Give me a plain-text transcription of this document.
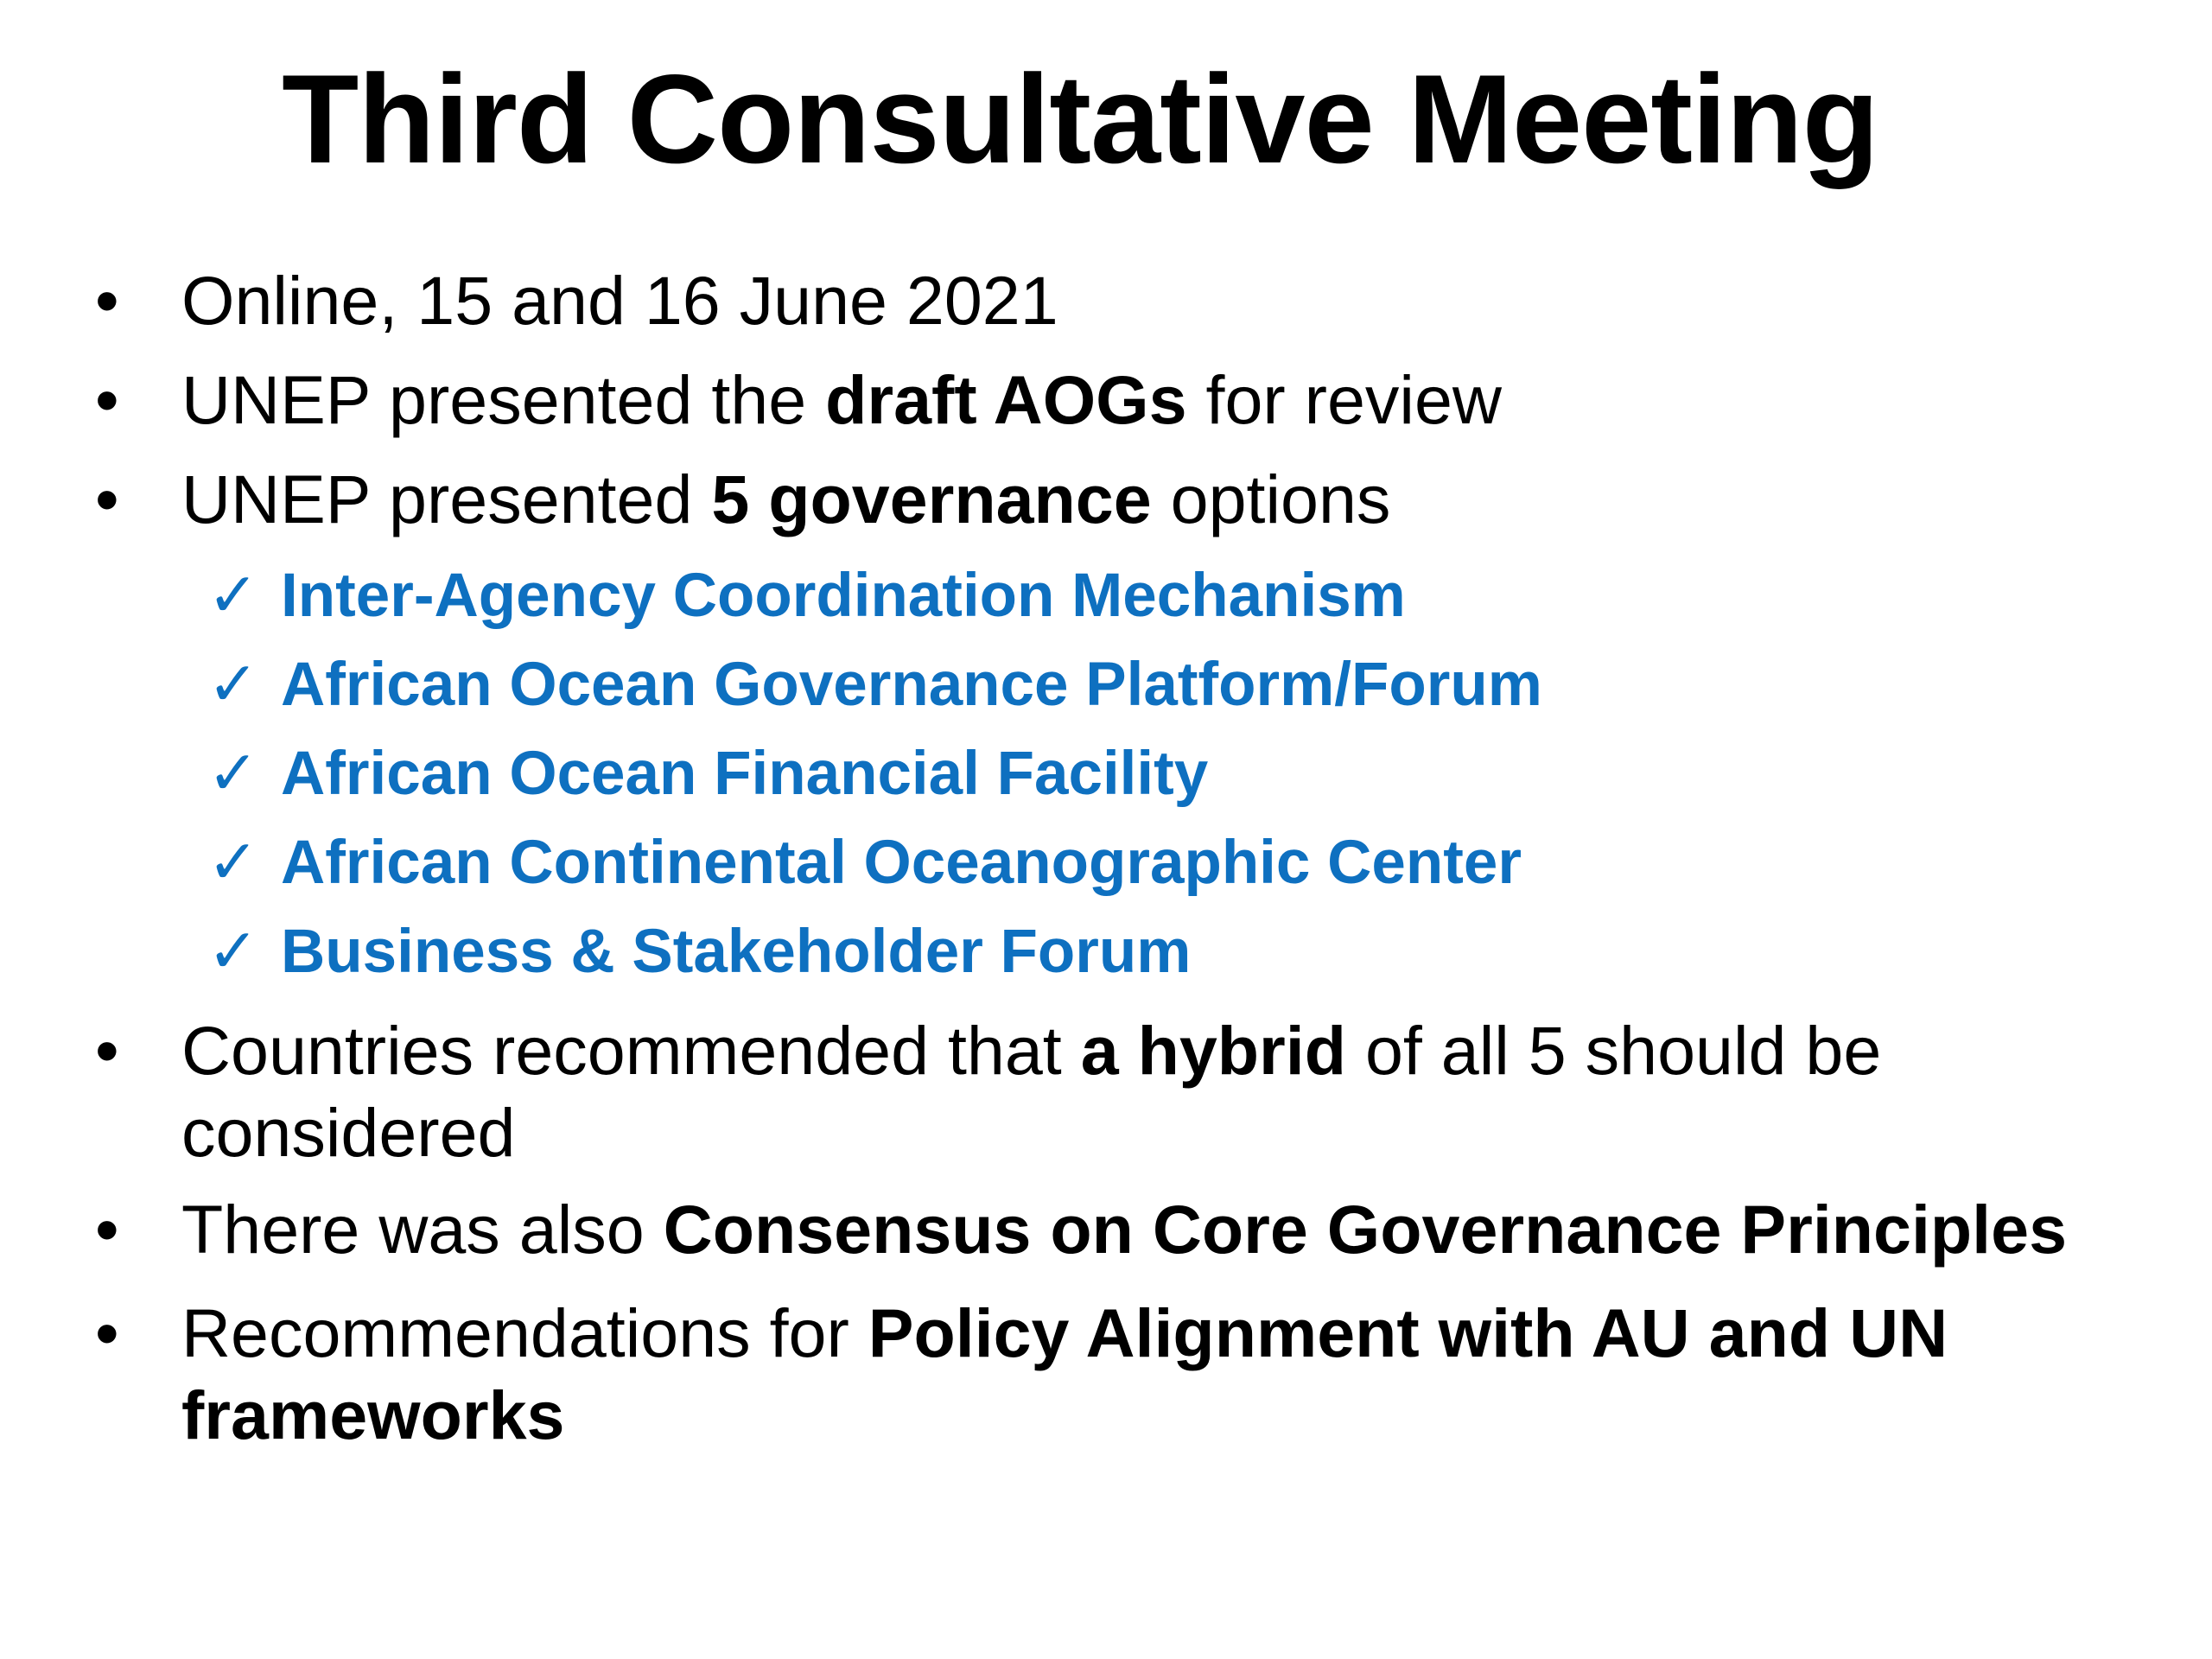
Third Consultative Meeting
• Online, 15 and 16 June 2021
• UNEP presented the draft AOGs for review
• UNEP presented 5 governance options
✓ Inter-Agency Coordination Mechanism
✓ African Ocean Governance Platform/Forum
✓ African Ocean Financial Facility
✓ African Continental Oceanographic Center
✓ Business & Stakeholder Forum
• Countries recommended that a hybrid of all 5 should be considered
• There was also Consensus on Core Governance Principles
• Recommendations for Policy Alignment with AU and UN frameworks
